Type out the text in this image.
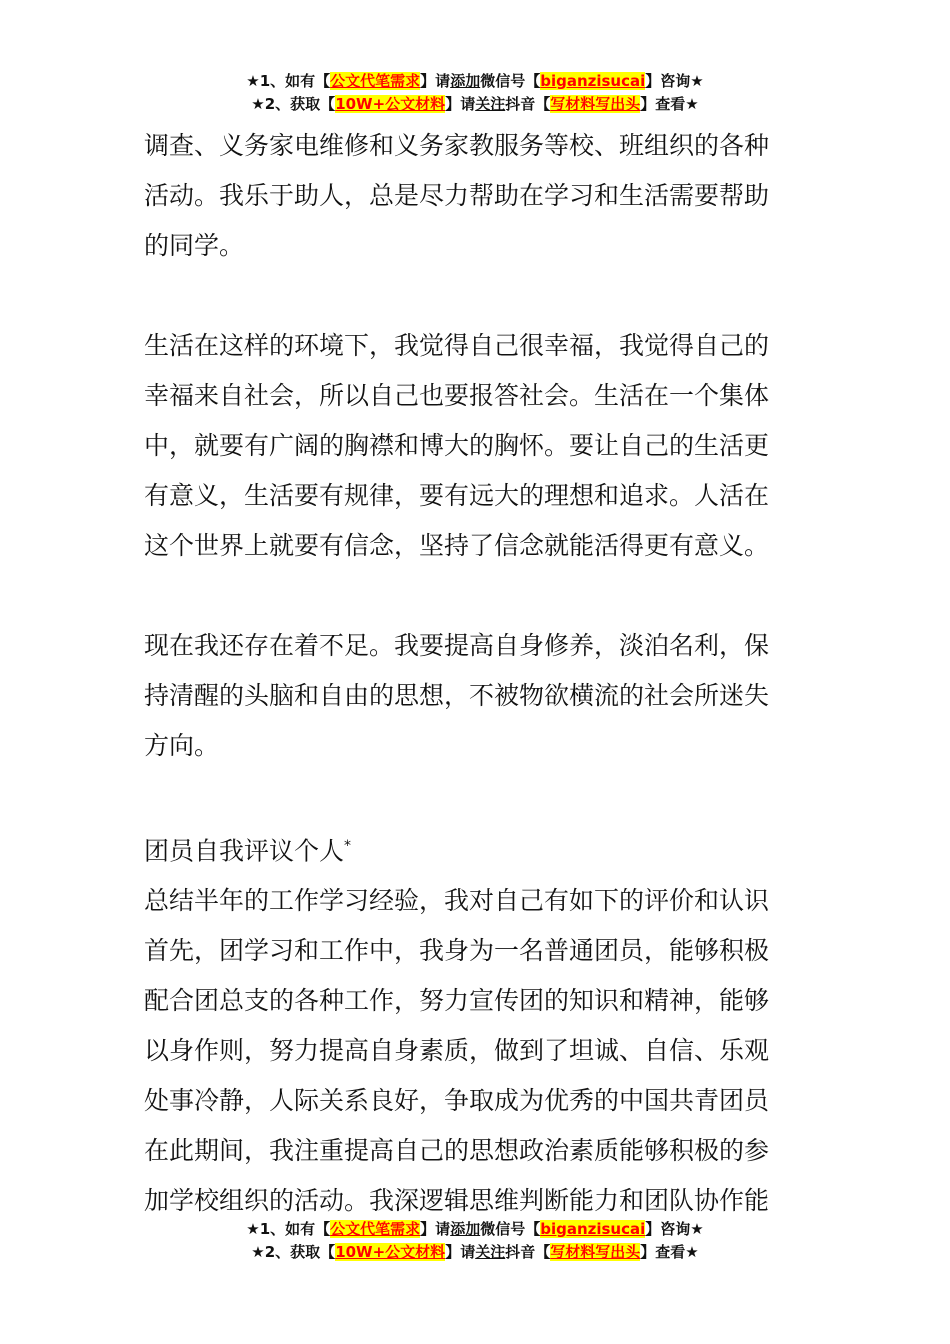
★1、如有【公文代笔需求】请添加微信号【biganzisucai】咨询★
★2、获取【10W+公文材料】请关注抖音【写材料写出头】查看★

调查、义务家电维修和义务家教服务等校、班组织的各种

活动。我乐于助人，总是尽力帮助在学习和生活需要帮助

的同学。

生活在这样的环境下，我觉得自己很幸福，我觉得自己的

幸福来自社会，所以自己也要报答社会。生活在一个集体

中，就要有广阔的胸襟和博大的胸怀。要让自己的生活更

有意义，生活要有规律，要有远大的理想和追求。人活在

这个世界上就要有信念，坚持了信念就能活得更有意义。

现在我还存在着不足。我要提高自身修养，淡泊名利，保

持清醒的头脑和自由的思想，不被物欲横流的社会所迷失

方向。

团员自我评议个人*

总结半年的工作学习经验，我对自己有如下的评价和认识

首先，团学习和工作中，我身为一名普通团员，能够积极

配合团总支的各种工作，努力宣传团的知识和精神，能够

以身作则，努力提高自身素质，做到了坦诚、自信、乐观

处事冷静，人际关系良好，争取成为优秀的中国共青团员

在此期间，我注重提高自己的思想政治素质能够积极的参

加学校组织的活动。我深逻辑思维判断能力和团队协作能

★1、如有【公文代笔需求】请添加微信号【biganzisucai】咨询★
★2、获取【10W+公文材料】请关注抖音【写材料写出头】查看★
